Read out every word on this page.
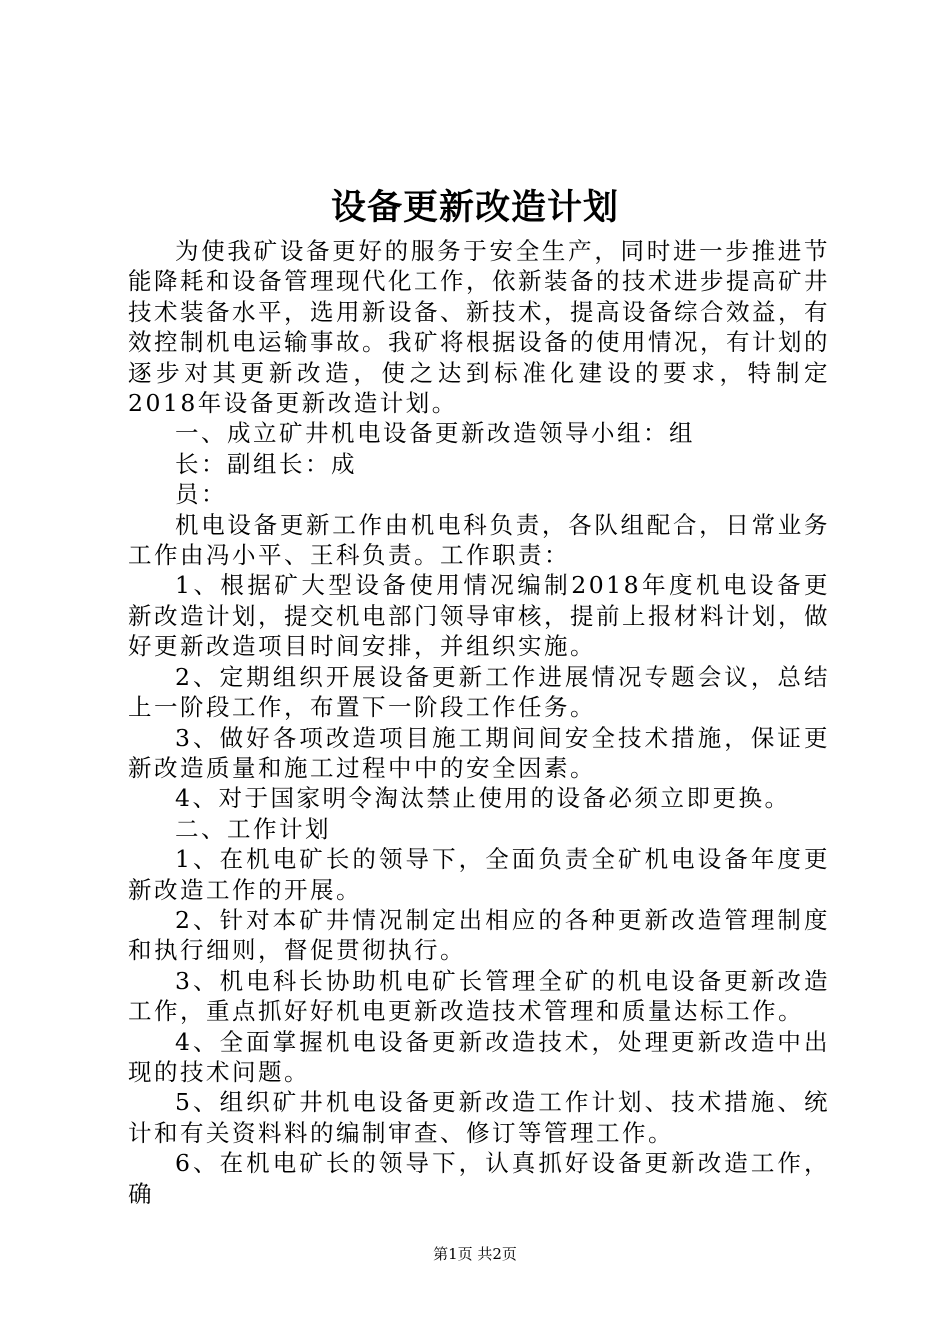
设备更新改造计划

为使我矿设备更好的服务于安全生产，同时进一步推进节能降耗和设备管理现代化工作，依新装备的技术进步提高矿井技术装备水平，选用新设备、新技术，提高设备综合效益，有效控制机电运输事故。我矿将根据设备的使用情况，有计划的逐步对其更新改造，使之达到标准化建设的要求，特制定2018年设备更新改造计划。

一、成立矿井机电设备更新改造领导小组：组

长：副组长：成

员：

机电设备更新工作由机电科负责，各队组配合，日常业务工作由冯小平、王科负责。工作职责：

1、根据矿大型设备使用情况编制2018年度机电设备更新改造计划，提交机电部门领导审核，提前上报材料计划，做好更新改造项目时间安排，并组织实施。

2、定期组织开展设备更新工作进展情况专题会议，总结上一阶段工作，布置下一阶段工作任务。

3、做好各项改造项目施工期间间安全技术措施，保证更新改造质量和施工过程中中的安全因素。

4、对于国家明令淘汰禁止使用的设备必须立即更换。

二、工作计划

1、在机电矿长的领导下，全面负责全矿机电设备年度更新改造工作的开展。

2、针对本矿井情况制定出相应的各种更新改造管理制度和执行细则，督促贯彻执行。

3、机电科长协助机电矿长管理全矿的机电设备更新改造工作，重点抓好好机电更新改造技术管理和质量达标工作。

4、全面掌握机电设备更新改造技术，处理更新改造中出现的技术问题。

5、组织矿井机电设备更新改造工作计划、技术措施、统计和有关资料料的编制审查、修订等管理工作。

6、在机电矿长的领导下，认真抓好设备更新改造工作，确

第1页 共2页
